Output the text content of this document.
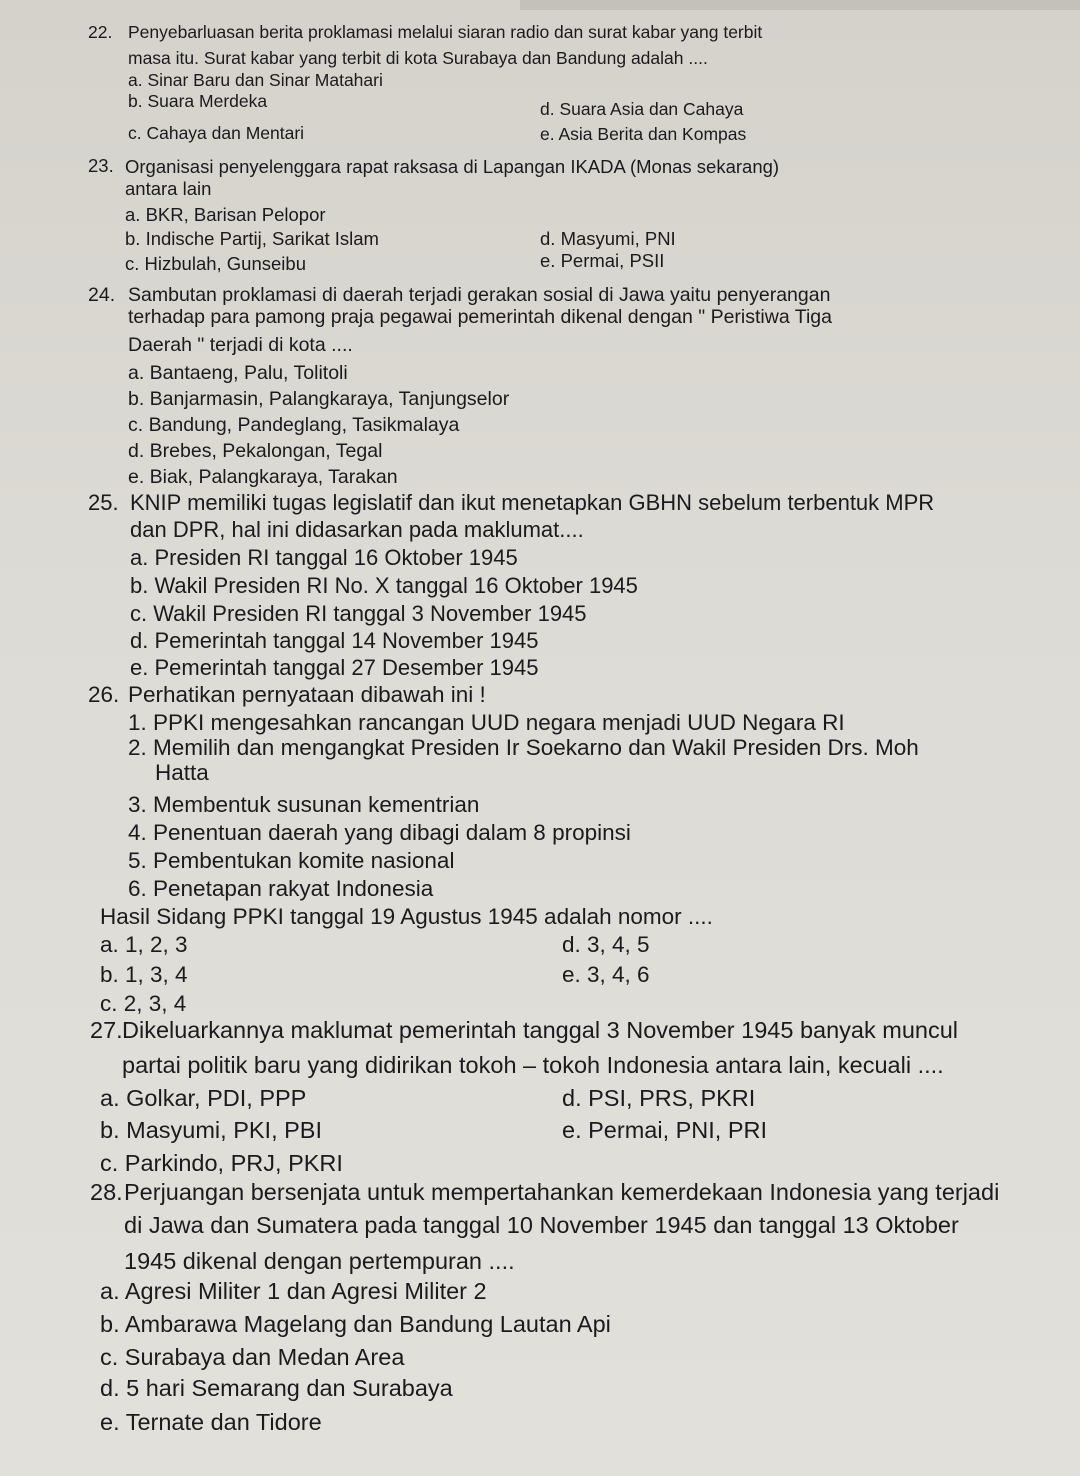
22. Penyebarluasan berita proklamasi melalui siaran radio dan surat kabar yang terbit
masa itu. Surat kabar yang terbit di kota Surabaya dan Bandung adalah ....
a. Sinar Baru dan Sinar Matahari
b. Suara Merdeka
c. Cahaya dan Mentari
d. Suara Asia dan Cahaya
e. Asia Berita dan Kompas
23. Organisasi penyelenggara rapat raksasa di Lapangan IKADA (Monas sekarang)
antara lain
a. BKR, Barisan Pelopor
b. Indische Partij, Sarikat Islam
c. Hizbulah, Gunseibu
d. Masyumi, PNI
e. Permai, PSII
24. Sambutan proklamasi di daerah terjadi gerakan sosial di Jawa yaitu penyerangan
terhadap para pamong praja pegawai pemerintah dikenal dengan " Peristiwa Tiga
Daerah " terjadi di kota ....
a. Bantaeng, Palu, Tolitoli
b. Banjarmasin, Palangkaraya, Tanjungselor
c. Bandung, Pandeglang, Tasikmalaya
d. Brebes, Pekalongan, Tegal
e. Biak, Palangkaraya, Tarakan
25. KNIP memiliki tugas legislatif dan ikut menetapkan GBHN sebelum terbentuk MPR
dan DPR, hal ini didasarkan pada maklumat....
a. Presiden RI tanggal 16 Oktober 1945
b. Wakil Presiden RI No. X tanggal 16 Oktober 1945
c. Wakil Presiden RI tanggal 3 November 1945
d. Pemerintah tanggal 14 November 1945
e. Pemerintah tanggal 27 Desember 1945
26. Perhatikan pernyataan dibawah ini !
1. PPKI mengesahkan rancangan UUD negara menjadi UUD Negara RI
2. Memilih dan mengangkat Presiden Ir Soekarno dan Wakil Presiden Drs. Moh
Hatta
3. Membentuk susunan kementrian
4. Penentuan daerah yang dibagi dalam 8 propinsi
5. Pembentukan komite nasional
6. Penetapan rakyat Indonesia
Hasil Sidang PPKI tanggal 19 Agustus 1945 adalah nomor ....
a. 1, 2, 3
b. 1, 3, 4
c. 2, 3, 4
d. 3, 4, 5
e. 3, 4, 6
27. Dikeluarkannya maklumat pemerintah tanggal 3 November 1945 banyak muncul
partai politik baru yang didirikan tokoh – tokoh Indonesia antara lain, kecuali ....
a. Golkar, PDI, PPP
b. Masyumi, PKI, PBI
c. Parkindo, PRJ, PKRI
d. PSI, PRS, PKRI
e. Permai, PNI, PRI
28. Perjuangan bersenjata untuk mempertahankan kemerdekaan Indonesia yang terjadi
di Jawa dan Sumatera pada tanggal 10 November 1945 dan tanggal 13 Oktober
1945 dikenal dengan pertempuran ....
a. Agresi Militer 1 dan Agresi Militer 2
b. Ambarawa Magelang dan Bandung Lautan Api
c. Surabaya dan Medan Area
d. 5 hari Semarang dan Surabaya
e. Ternate dan Tidore
